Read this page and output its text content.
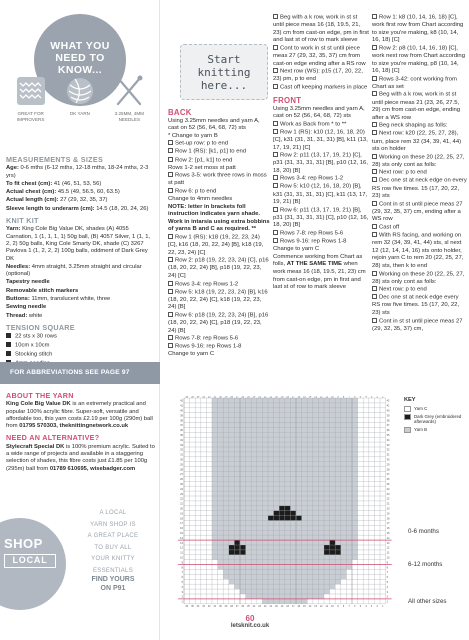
WHAT YOU NEED TO KNOW...
GREAT FOR IMPROVERS
DK YARN	3.25MM, 4MM NEEDLES
MEASUREMENTS & SIZES

Age: 0-6 mths (6-12 mths, 12-18 mths, 18-24 mths, 2-3 yrs)

To fit chest (cm): 41 (46, 51, 53, 56)

Actual chest (cm): 45.5 (49, 56.5, 60, 63.5)

Actual length (cm): 27 (29, 32, 35, 37)

Sleeve length to underarm (cm): 14.5 (18, 20, 24, 26)

KNIT KIT

Yarn: King Cole Big Value DK, shades (A) 4055 Carnation, 1 (1, 1, 1, 1) 50g ball, (B) 4057 Silver, 1 (1, 1, 2, 2) 50g balls, King Cole Smarty DK, shade (C) 3267 Pavlova 1 (1, 2, 2, 2) 100g balls, oddment of Dark Grey DK

Needles: 4mm straight, 3.25mm straight and circular (optional)

Tapestry needle

Removable stitch markers

Buttons: 11mm, translucent white, three

Sewing needle

Thread: white

TENSION SQUARE

22 sts x 30 rows

10cm x 10cm

Stocking stitch

FOR ABBREVIATIONS SEE PAGE 97
ABOUT THE YARN

King Cole Big Value DK is an extremely practical and popular 100% acrylic fibre. Super-soft, versatile and affordable too, this yarn costs £2.19 per 100g (290m) ball from 01795 570303, theknittingnetwork.co.uk

NEED AN ALTERNATIVE?

Stylecraft Special DK is 100% premium acrylic. Suited to a wide range of projects and available in a staggering selection of shades, this fibre costs just £1.85 per 100g (295m) ball from 01789 610695, wisebadger.com

SHOP
LOCAL
A LOCAL
YARN SHOP IS
A GREAT PLACE
TO BUY ALL
YOUR KNITTY
ESSENTIALS
FIND YOURS
ON P91
Start
knitting
here...
BACK

Using 3.25mm needles and yarn A, cast on 52 (56, 64, 68, 72) sts

* Change to yarn B

Set-up row: p to end

Row 1 (RS): [k1, p1] to end

Row 2: [p1, k1] to end

Rows 1-2 set moss st patt

Rows 3-5: work three rows in moss st patt

Row 6: p to end

Change to 4mm needles

NOTE: letter in brackets foll instruction indicates yarn shade. Work in intarsia using extra bobbins of yarns B and C as required. **

Row 1 (RS): k18 (19, 22, 23, 24) [C], k16 (18, 20, 22, 24) [B], k18 (19, 22, 23, 24) [C]

Row 2: p18 (19, 22, 23, 24) [C], p16 (18, 20, 22, 24) [B], p18 (19, 22, 23, 24) [C]

Rows 3-4: rep Rows 1-2

Row 5: k18 (19, 22, 23, 24) [B], k16 (18, 20, 22, 24) [C], k18 (19, 22, 23, 24) [B]

Row 6: p18 (19, 22, 23, 24) [B], p16 (18, 20, 22, 24) [C], p18 (19, 22, 23, 24) [B]

Rows 7-8: rep Rows 5-6

Rows 9-16: rep Rows 1-8

Change to yarn C

Beg with a k row, work in st st until piece meas 16 (18, 19.5, 21, 23) cm from cast-on edge, pm in first and last st of row to mark sleeve

Cont to work in st st until piece meas 27 (29, 32, 35, 37) cm from cast-on edge ending after a RS row

Next row (WS): p15 (17, 20, 22, 23) pm, p to end

Cast off keeping markers in place

FRONT

Using 3.25mm needles and yarn A, cast on 52 (56, 64, 68, 72) sts

Work as Back from * to **

Row 1 (RS): k10 (12, 16, 18, 20) [C], k31 (31, 31, 31, 31) [B], k11 (13, 17, 19, 21) [C]

Row 2: p11 (13, 17, 19, 21) [C], p31 (31, 31, 31, 31) [B], p10 (12, 16, 18, 20) [B]

Rows 3-4: rep Rows 1-2

Row 5: k10 (12, 16, 18, 20) [B], k31 (31, 31, 31, 31) [C], k11 (13, 17, 19, 21) [B]

Row 6: p11 (13, 17, 19, 21) [B], p31 (31, 31, 31, 31) [C], p10 (12, 16, 18, 20) [B]

Rows 7-8: rep Rows 5-6

Rows 9-16: rep Rows 1-8

Change to yarn C

Commence working from Chart as folls, AT THE SAME TIME when work meas 16 (18, 19.5, 21, 23) cm from cast-on edge, pm in first and last st of row to mark sleeve

Row 1: k8 (10, 14, 16, 18) [C], work first row from Chart according to size you're making, k8 (10, 14, 16, 18) [C]

Row 2: p8 (10, 14, 16, 18) [C], work next row from Chart according to size you're making, p8 (10, 14, 16, 18) [C]

Rows 3-42: cont working from Chart as set

Beg with a k row, work in st st until piece meas 21 (23, 26, 27.5, 29) cm from cast-on edge, ending after a WS row

Beg neck shaping as folls:

Next row: k20 (22, 25, 27, 28), turn, place rem 32 (34, 39, 41, 44) sts on holder

Working on these 20 (22, 25, 27, 28) sts only cont as folls:

Next row: p to end

Dec one st at neck edge on every RS row five times. 15 (17, 20, 22, 23) sts

Cont in st st until piece meas 27 (29, 32, 35, 37) cm, ending after a WS row

Cast off

With RS facing, and working on rem 32 (34, 39, 41, 44) sts, sl next 12 (12, 14, 14, 16) sts onto holder, rejoin yarn C to rem 20 (22, 25, 27, 28) sts, then k to end

Working on these 20 (22, 25, 27, 28) sts only cont as folls:

Next row: p to end

Dec one st at neck edge every RS row five times. 15 (17, 20, 22, 23) sts

Cont in st st until piece meas 27 (29, 32, 35, 37) cm,

36
36
35
35
34
34
33
33
32
32
31
31
30
30
29
29
28
28
27
27
26
26
25
25
24
24
23
23
22
22
21
21
20
20
19
19
18
18
17
17
16
16
15
15
14
14
13
13
12
12
11
11
10
10
9
9
8
8
7
7
6
6
5
5
4
4
3
3
2
2
1
1
42	42
41	41
40	40
39	39
38	38
37	37
36	36
35	35
34	34
33	33
32	32
31	31
30	30
29	29
28	28
27	27
26	26
25	25
24	24
23	23
22	22
21	21
20	20
19	19
18	18
17	17
16	16
15	15
14	14
13	13
12	12
11	11
10	10
9	9
8	8
7	7
6	6
5	5
4	4
3	3
2	2
1	1
KEY
Yarn C
Dark Grey (embroidered afterwards)
Yarn B
0-6 months
6-12 months
All other sizes
60
letsknit.co.uk
